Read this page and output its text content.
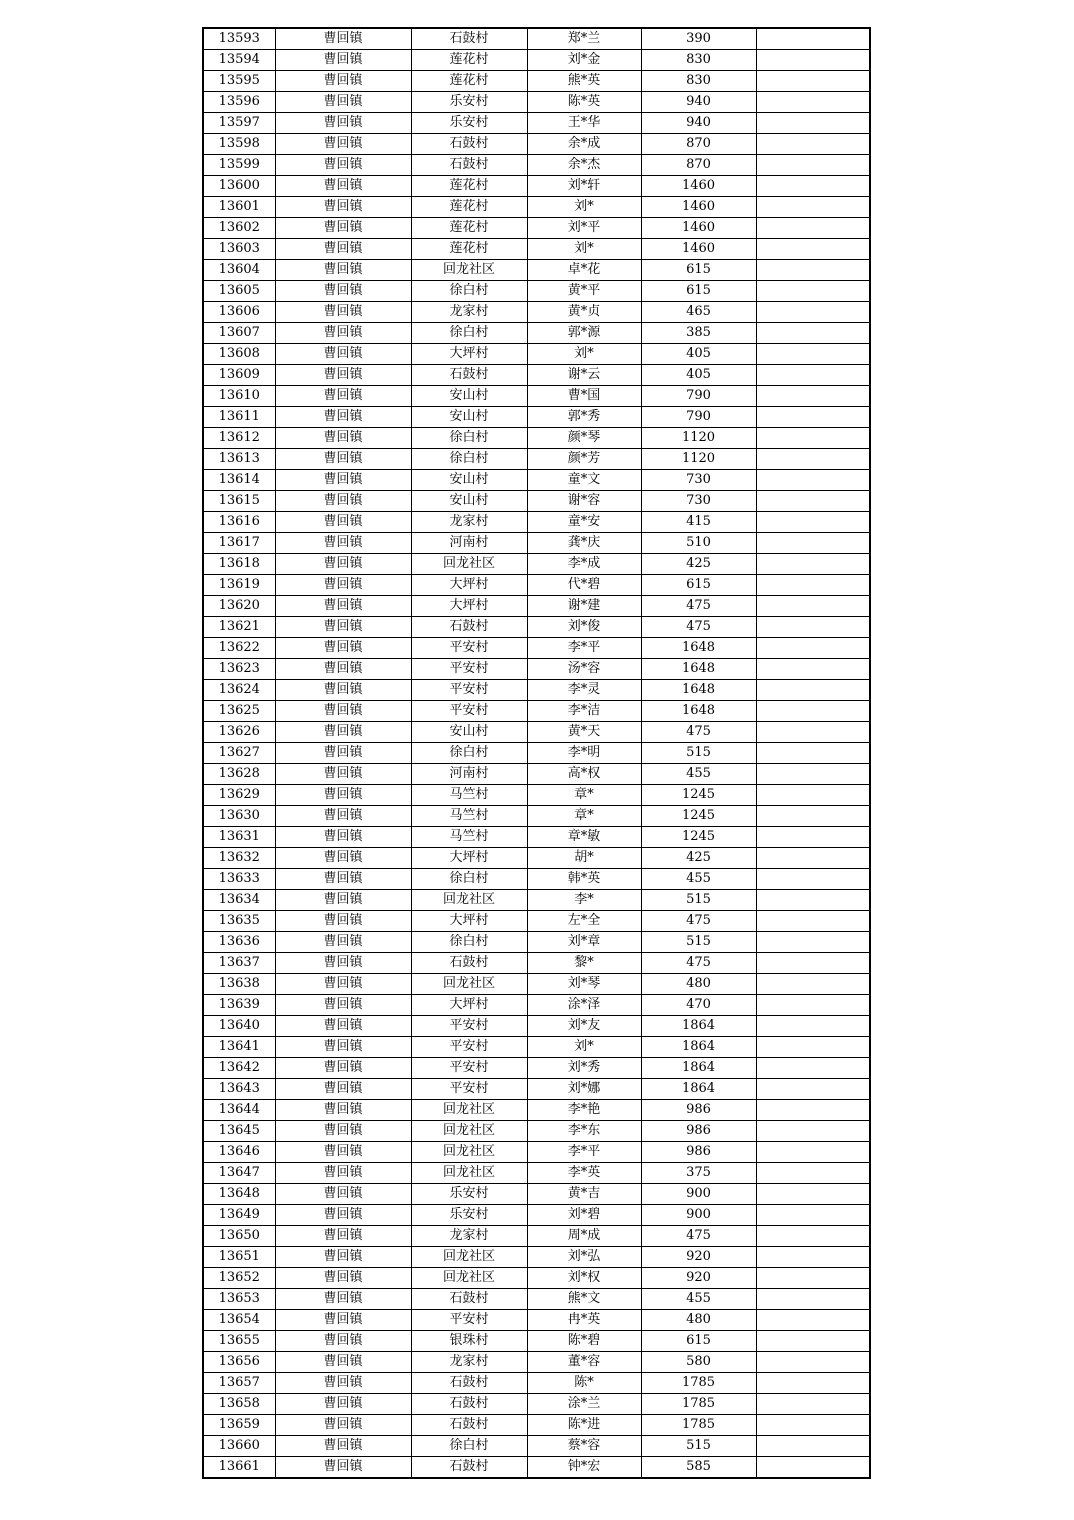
13593	曹回镇	石鼓村	郑*兰	390	
13594	曹回镇	莲花村	刘*金	830	
13595	曹回镇	莲花村	熊*英	830	
13596	曹回镇	乐安村	陈*英	940	
13597	曹回镇	乐安村	王*华	940	
13598	曹回镇	石鼓村	余*成	870	
13599	曹回镇	石鼓村	余*杰	870	
13600	曹回镇	莲花村	刘*轩	1460	
13601	曹回镇	莲花村	刘*	1460	
13602	曹回镇	莲花村	刘*平	1460	
13603	曹回镇	莲花村	刘*	1460	
13604	曹回镇	回龙社区	卓*花	615	
13605	曹回镇	徐白村	黄*平	615	
13606	曹回镇	龙家村	黄*贞	465	
13607	曹回镇	徐白村	郭*源	385	
13608	曹回镇	大坪村	刘*	405	
13609	曹回镇	石鼓村	谢*云	405	
13610	曹回镇	安山村	曹*国	790	
13611	曹回镇	安山村	郭*秀	790	
13612	曹回镇	徐白村	颜*琴	1120	
13613	曹回镇	徐白村	颜*芳	1120	
13614	曹回镇	安山村	童*文	730	
13615	曹回镇	安山村	谢*容	730	
13616	曹回镇	龙家村	童*安	415	
13617	曹回镇	河南村	龚*庆	510	
13618	曹回镇	回龙社区	李*成	425	
13619	曹回镇	大坪村	代*碧	615	
13620	曹回镇	大坪村	谢*建	475	
13621	曹回镇	石鼓村	刘*俊	475	
13622	曹回镇	平安村	李*平	1648	
13623	曹回镇	平安村	汤*容	1648	
13624	曹回镇	平安村	李*灵	1648	
13625	曹回镇	平安村	李*洁	1648	
13626	曹回镇	安山村	黄*天	475	
13627	曹回镇	徐白村	李*明	515	
13628	曹回镇	河南村	高*权	455	
13629	曹回镇	马竺村	章*	1245	
13630	曹回镇	马竺村	章*	1245	
13631	曹回镇	马竺村	章*敏	1245	
13632	曹回镇	大坪村	胡*	425	
13633	曹回镇	徐白村	韩*英	455	
13634	曹回镇	回龙社区	李*	515	
13635	曹回镇	大坪村	左*全	475	
13636	曹回镇	徐白村	刘*章	515	
13637	曹回镇	石鼓村	黎*	475	
13638	曹回镇	回龙社区	刘*琴	480	
13639	曹回镇	大坪村	涂*泽	470	
13640	曹回镇	平安村	刘*友	1864	
13641	曹回镇	平安村	刘*	1864	
13642	曹回镇	平安村	刘*秀	1864	
13643	曹回镇	平安村	刘*娜	1864	
13644	曹回镇	回龙社区	李*艳	986	
13645	曹回镇	回龙社区	李*东	986	
13646	曹回镇	回龙社区	李*平	986	
13647	曹回镇	回龙社区	李*英	375	
13648	曹回镇	乐安村	黄*吉	900	
13649	曹回镇	乐安村	刘*碧	900	
13650	曹回镇	龙家村	周*成	475	
13651	曹回镇	回龙社区	刘*弘	920	
13652	曹回镇	回龙社区	刘*权	920	
13653	曹回镇	石鼓村	熊*文	455	
13654	曹回镇	平安村	冉*英	480	
13655	曹回镇	银珠村	陈*碧	615	
13656	曹回镇	龙家村	董*容	580	
13657	曹回镇	石鼓村	陈*	1785	
13658	曹回镇	石鼓村	涂*兰	1785	
13659	曹回镇	石鼓村	陈*进	1785	
13660	曹回镇	徐白村	蔡*容	515	
13661	曹回镇	石鼓村	钟*宏	585	
